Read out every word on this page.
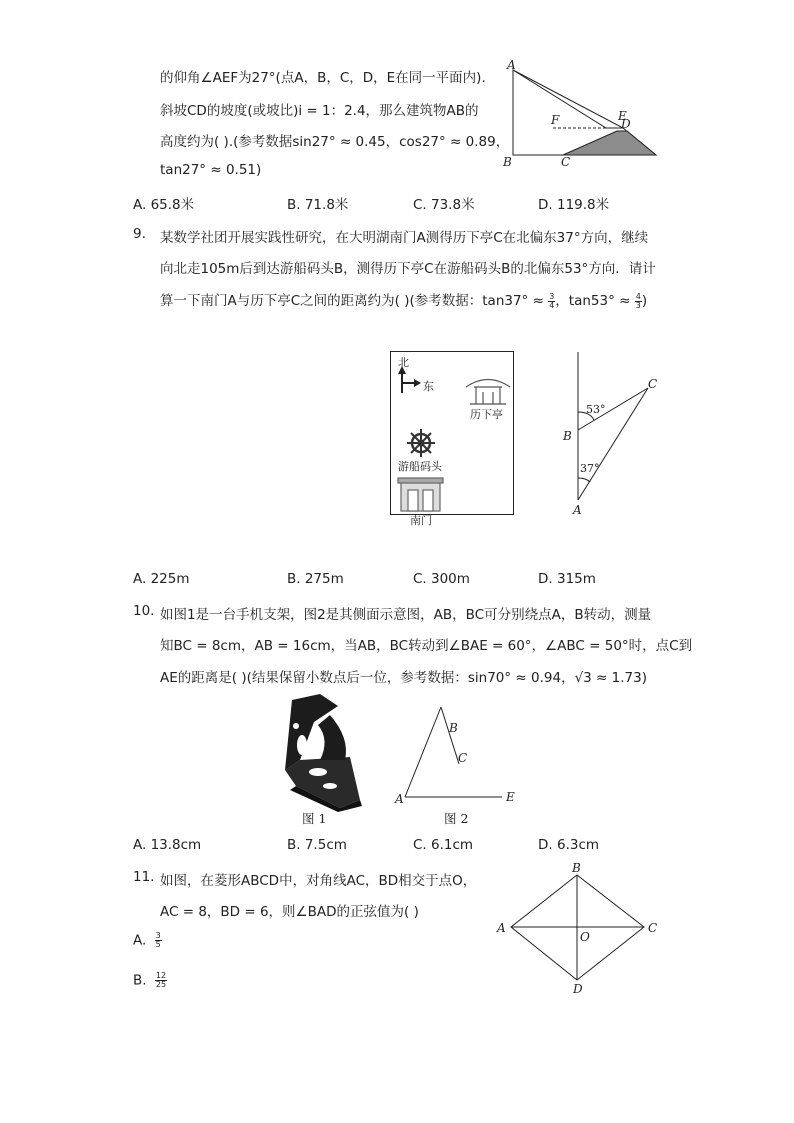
的仰角∠AEF为27°(点A，B，C，D，E在同一平面内).
斜坡CD的坡度(或坡比)i = 1：2.4，那么建筑物AB的
高度约为( ).(参考数据sin27° ≈ 0.45，cos27° ≈ 0.89，
tan27° ≈ 0.51)
A
B	C
D
E
F
A. 65.8米	B. 71.8米	C. 73.8米	D. 119.8米
9. 某数学社团开展实践性研究，在大明湖南门A测得历下亭C在北偏东37°方向，继续
向北走105m后到达游船码头B，测得历下亭C在游船码头B的北偏东53°方向．请计
算一下南门A与历下亭C之间的距离约为( )(参考数据：$\tan 37^\circ \approx \frac{3}{4}$ ，$\tan 53^\circ \approx \frac{4}{3}$ )
北
东
历下亭
游船码头
南门
C
B
A
53°
37°
A. 225m	B. 275m	C. 300m	D. 315m
10. 如图1是一台手机支架，图2是其侧面示意图，AB，BC可分别绕点A，B转动，测量
知BC = 8cm，AB = 16cm，当AB，BC转动到∠BAE = 60°，∠ABC = 50°时，点C到
AE的距离是( )(结果保留小数点后一位，参考数据：sin70° ≈ 0.94，√3 ≈ 1.73)
图 1
A
B
C
E
图 2
A. 13.8cm	B. 7.5cm	C. 6.1cm	D. 6.3cm
11. 如图，在菱形ABCD中，对角线AC，BD相交于点O，
AC = 8，BD = 6，则∠BAD的正弦值为( )
A. $\frac{3}{5}$
B. $\frac{12}{25}$
A
B
C
D
O
